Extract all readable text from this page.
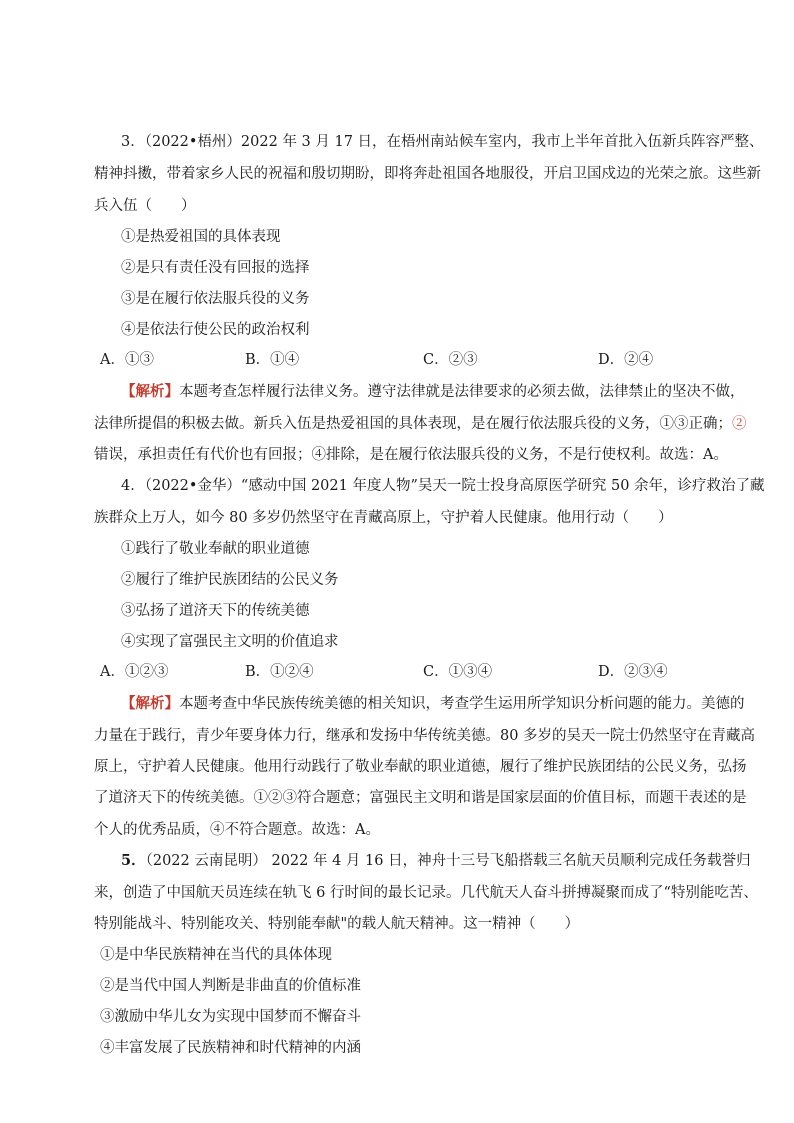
3．（2022•梧州）2022 年 3 月 17 日，在梧州南站候车室内，我市上半年首批入伍新兵阵容严整、
精神抖擞，带着家乡人民的祝福和殷切期盼，即将奔赴祖国各地服役，开启卫国戍边的光荣之旅。这些新
兵入伍（　　）
①是热爱祖国的具体表现
②是只有责任没有回报的选择
③是在履行依法服兵役的义务
④是依法行使公民的政治权利
A．①③	B．①④	C．②③	D．②④
【解析】本题考查怎样履行法律义务。遵守法律就是法律要求的必须去做，法律禁止的坚决不做，
法律所提倡的积极去做。新兵入伍是热爱祖国的具体表现，是在履行依法服兵役的义务，①③正确；②
错误，承担责任有代价也有回报；④排除，是在履行依法服兵役的义务，不是行使权利。故选：A。
4．（2022•金华）“感动中国 2021 年度人物”吴天一院士投身高原医学研究 50 余年，诊疗救治了藏
族群众上万人，如今 80 多岁仍然坚守在青藏高原上，守护着人民健康。他用行动（　　）
①践行了敬业奉献的职业道德
②履行了维护民族团结的公民义务
③弘扬了道济天下的传统美德
④实现了富强民主文明的价值追求
A．①②③	B．①②④	C．①③④	D．②③④
【解析】本题考查中华民族传统美德的相关知识，考查学生运用所学知识分析问题的能力。美德的
力量在于践行，青少年要身体力行，继承和发扬中华传统美德。80 多岁的吴天一院士仍然坚守在青藏高
原上，守护着人民健康。他用行动践行了敬业奉献的职业道德，履行了维护民族团结的公民义务，弘扬
了道济天下的传统美德。①②③符合题意；富强民主文明和谐是国家层面的价值目标，而题干表述的是
个人的优秀品质，④不符合题意。故选：A。
5．（2022 云南昆明） 2022 年 4 月 16 日，神舟十三号飞船搭载三名航天员顺利完成任务载誉归
来，创造了中国航天员连续在轨飞 6 行时间的最长记录。几代航天人奋斗拼搏凝聚而成了“特别能吃苦、
特别能战斗、特别能攻关、特别能奉献"的载人航天精神。这一精神（　　）
①是中华民族精神在当代的具体体现
②是当代中国人判断是非曲直的价值标准
③激励中华儿女为实现中国梦而不懈奋斗
④丰富发展了民族精神和时代精神的内涵
